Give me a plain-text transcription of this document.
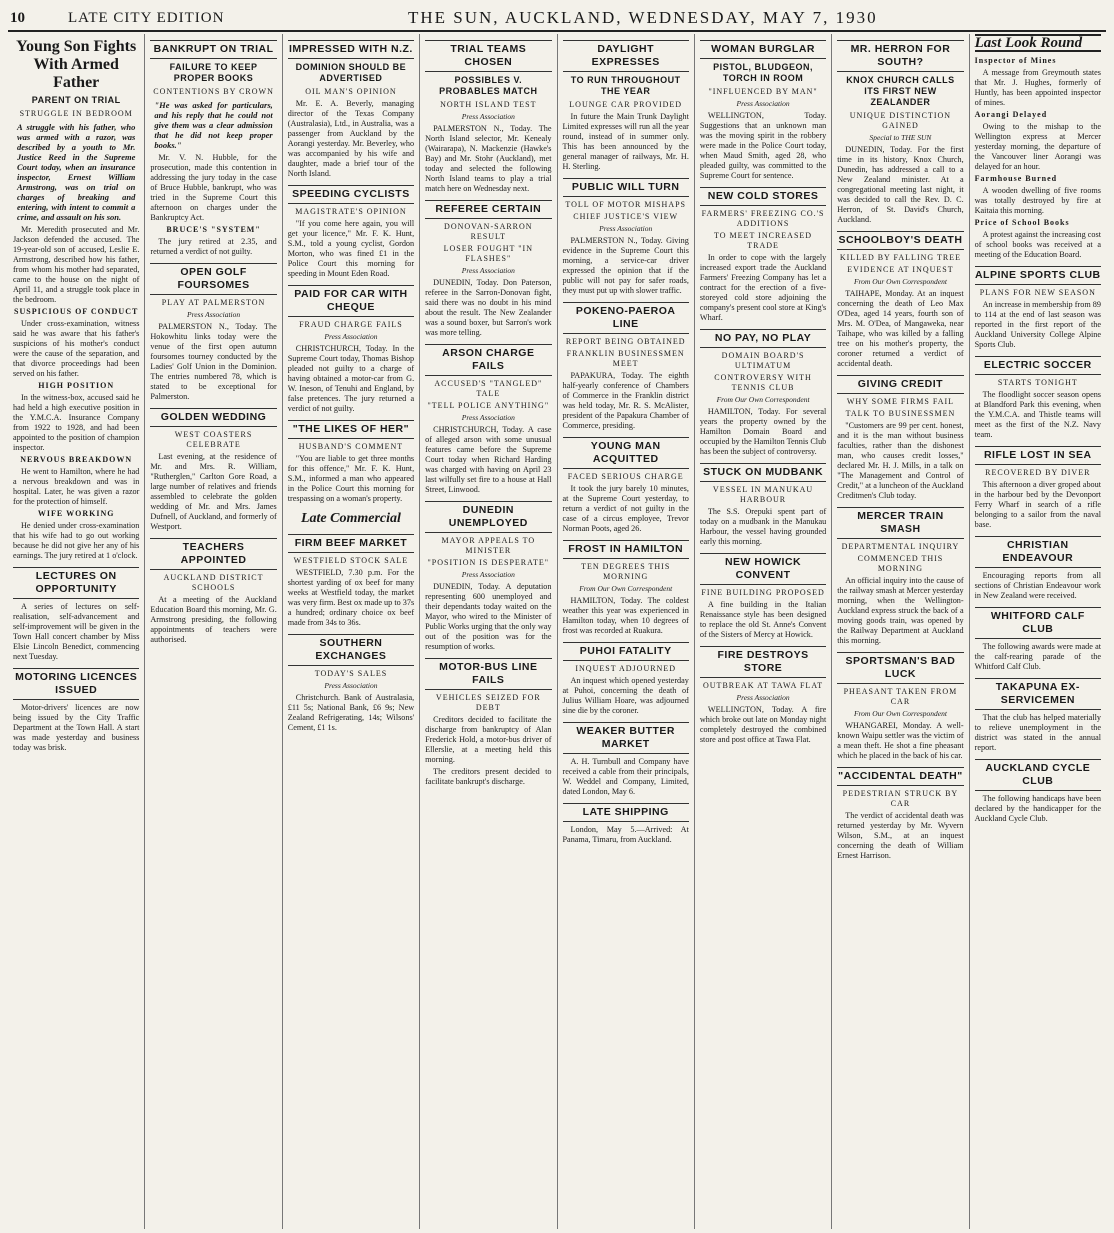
10	LATE CITY EDITION	THE SUN, AUCKLAND, WEDNESDAY, MAY 7, 1930
Young Son Fights With Armed Father
PARENT ON TRIAL
STRUGGLE IN BEDROOM
A struggle with his father, who was armed with a razor, was described by a youth to Mr. Justice Reed in the Supreme Court today, when an insurance inspector, Ernest William Armstrong, was on trial on charges of breaking and entering, with intent to commit a crime, and assault on his son.

Mr. Meredith prosecuted and Mr. Jackson defended the accused. The 19-year-old son of accused, Leslie E. Armstrong, described how his father, from whom his mother had separated, came to the house on the night of April 11, and a struggle took place in the bedroom.

SUSPICIOUS OF CONDUCT

Under cross-examination, witness said he was aware that his father's suspicions of his mother's conduct were the cause of the separation, and that divorce proceedings had been served on his father.

HIGH POSITION

In the witness-box, accused said he had held a high executive position in the Y.M.C.A. Insurance Company from 1922 to 1928, and had been appointed to the position of champion inspector.

NERVOUS BREAKDOWN

He went to Hamilton, where he had a nervous breakdown and was in hospital. Later, he was given a razor for the protection of himself.

WIFE WORKING

He denied under cross-examination that his wife had to go out working because he did not give her any of his earnings. The jury retired at 1 o'clock.

LECTURES ON OPPORTUNITY

A series of lectures on self-realisation, self-advancement and self-improvement will be given in the Town Hall concert chamber by Miss Elsie Lincoln Benedict, commencing next Tuesday.

MOTORING LICENCES ISSUED

Motor-drivers' licences are now being issued by the City Traffic Department at the Town Hall. A start was made yesterday and business today was brisk.

BANKRUPT ON TRIAL
FAILURE TO KEEP PROPER BOOKS
CONTENTIONS BY CROWN
"He was asked for particulars, and his reply that he could not give them was a clear admission that he did not keep proper books."

Mr. V. N. Hubble, for the prosecution, made this contention in addressing the jury today in the case of Bruce Hubble, bankrupt, who was tried in the Supreme Court this afternoon on charges under the Bankruptcy Act.

BRUCE'S "SYSTEM"

The jury retired at 2.35, and returned a verdict of not guilty.

OPEN GOLF FOURSOMES
PLAY AT PALMERSTON
Press Association

PALMERSTON N., Today. The Hokowhitu links today were the venue of the first open autumn foursomes tourney conducted by the Ladies' Golf Union in the Dominion. The entries numbered 78, which is stated to be exceptional for Palmerston.

GOLDEN WEDDING
WEST COASTERS CELEBRATE

Last evening, at the residence of Mr. and Mrs. R. William, "Rutherglen," Carlton Gore Road, a large number of relatives and friends assembled to celebrate the golden wedding of Mr. and Mrs. James Dufnell, of Auckland, and formerly of Westport.

TEACHERS APPOINTED
AUCKLAND DISTRICT SCHOOLS

At a meeting of the Auckland Education Board this morning, Mr. G. Armstrong presiding, the following appointments of teachers were authorised.

IMPRESSED WITH N.Z.
DOMINION SHOULD BE ADVERTISED
OIL MAN'S OPINION

Mr. E. A. Beverly, managing director of the Texas Company (Australasia), Ltd., in Australia, was a passenger from Auckland by the Aorangi yesterday. Mr. Beverley, who was accompanied by his wife and daughter, made a brief tour of the North Island.

SPEEDING CYCLISTS
MAGISTRATE'S OPINION

"If you come here again, you will get your licence," Mr. F. K. Hunt, S.M., told a young cyclist, Gordon Morton, who was fined £1 in the Police Court this morning for speeding in Mount Eden Road.

PAID FOR CAR WITH CHEQUE
FRAUD CHARGE FAILS
Press Association

CHRISTCHURCH, Today. In the Supreme Court today, Thomas Bishop pleaded not guilty to a charge of having obtained a motor-car from G. W. Ineson, of Tenuhi and England, by false pretences. The jury returned a verdict of not guilty.

"THE LIKES OF HER"
HUSBAND'S COMMENT

"You are liable to get three months for this offence," Mr. F. K. Hunt, S.M., informed a man who appeared in the Police Court this morning for trespassing on a woman's property.

Late Commercial
FIRM BEEF MARKET
WESTFIELD STOCK SALE

WESTFIELD, 7.30 p.m. For the shortest yarding of ox beef for many weeks at Westfield today, the market was very firm. Best ox made up to 37s a hundred; ordinary choice ox beef made from 34s to 36s.

SOUTHERN EXCHANGES
TODAY'S SALES
Press Association

Christchurch. Bank of Australasia, £11 5s; National Bank, £6 9s; New Zealand Refrigerating, 14s; Wilsons' Cement, £1 1s.

TRIAL TEAMS CHOSEN
POSSIBLES V. PROBABLES MATCH
NORTH ISLAND TEST
Press Association

PALMERSTON N., Today. The North Island selector, Mr. Kenealy (Wairarapa), N. Mackenzie (Hawke's Bay) and Mr. Stohr (Auckland), met today and selected the following North Island teams to play a trial match here on Wednesday next.

REFEREE CERTAIN
DONOVAN-SARRON RESULT
LOSER FOUGHT "IN FLASHES"
Press Association

DUNEDIN, Today. Don Paterson, referee in the Sarron-Donovan fight, said there was no doubt in his mind about the result. The New Zealander was a sound boxer, but Sarron's work was more telling.

ARSON CHARGE FAILS
ACCUSED'S "TANGLED" TALE
"TELL POLICE ANYTHING"
Press Association

CHRISTCHURCH, Today. A case of alleged arson with some unusual features came before the Supreme Court today when Richard Harding was charged with having on April 23 last wilfully set fire to a house at Hall Street, Linwood.

DUNEDIN UNEMPLOYED
MAYOR APPEALS TO MINISTER
"POSITION IS DESPERATE"
Press Association

DUNEDIN, Today. A deputation representing 600 unemployed and their dependants today waited on the Mayor, who wired to the Minister of Public Works urging that the only way out of the position was for the resumption of works.

MOTOR-BUS LINE FAILS
VEHICLES SEIZED FOR DEBT

Creditors decided to facilitate the discharge from bankruptcy of Alan Frederick Hold, a motor-bus driver of Ellerslie, at a meeting held this morning.

The creditors present decided to facilitate bankrupt's discharge.

DAYLIGHT EXPRESSES
TO RUN THROUGHOUT THE YEAR
LOUNGE CAR PROVIDED

In future the Main Trunk Daylight Limited expresses will run all the year round, instead of in summer only. This has been announced by the general manager of railways, Mr. H. H. Sterling.

PUBLIC WILL TURN
TOLL OF MOTOR MISHAPS
CHIEF JUSTICE'S VIEW
Press Association

PALMERSTON N., Today. Giving evidence in the Supreme Court this morning, a service-car driver expressed the opinion that if the public will not pay for safer roads, they must put up with slower traffic.

POKENO-PAEROA LINE
REPORT BEING OBTAINED
FRANKLIN BUSINESSMEN MEET

PAPAKURA, Today. The eighth half-yearly conference of Chambers of Commerce in the Franklin district was held today, Mr. R. S. McAlister, president of the Papakura Chamber of Commerce, presiding.

YOUNG MAN ACQUITTED
FACED SERIOUS CHARGE

It took the jury barely 10 minutes, at the Supreme Court yesterday, to return a verdict of not guilty in the case of a circus employee, Trevor Norman Poots, aged 26.

FROST IN HAMILTON
TEN DEGREES THIS MORNING
From Our Own Correspondent

HAMILTON, Today. The coldest weather this year was experienced in Hamilton today, when 10 degrees of frost was recorded at Ruakura.

PUHOI FATALITY
INQUEST ADJOURNED

An inquest which opened yesterday at Puhoi, concerning the death of Julius William Hoare, was adjourned sine die by the coroner.

WEAKER BUTTER MARKET

A. H. Turnbull and Company have received a cable from their principals, W. Weddel and Company, Limited, dated London, May 6.

LATE SHIPPING

London, May 5.—Arrived: At Panama, Timaru, from Auckland.

WOMAN BURGLAR
PISTOL, BLUDGEON, TORCH IN ROOM
"INFLUENCED BY MAN"
Press Association

WELLINGTON, Today. Suggestions that an unknown man was the moving spirit in the robbery were made in the Police Court today, when Maud Smith, aged 28, who pleaded guilty, was committed to the Supreme Court for sentence.

NEW COLD STORES
FARMERS' FREEZING CO.'S ADDITIONS
TO MEET INCREASED TRADE

In order to cope with the largely increased export trade the Auckland Farmers' Freezing Company has let a contract for the erection of a five-storeyed cold store adjoining the company's present cool store at King's Wharf.

NO PAY, NO PLAY
DOMAIN BOARD'S ULTIMATUM
CONTROVERSY WITH TENNIS CLUB
From Our Own Correspondent

HAMILTON, Today. For several years the property owned by the Hamilton Domain Board and occupied by the Hamilton Tennis Club has been the subject of controversy.

STUCK ON MUDBANK
VESSEL IN MANUKAU HARBOUR

The S.S. Orepuki spent part of today on a mudbank in the Manukau Harbour, the vessel having grounded early this morning.

NEW HOWICK CONVENT
FINE BUILDING PROPOSED

A fine building in the Italian Renaissance style has been designed to replace the old St. Anne's Convent of the Sisters of Mercy at Howick.

FIRE DESTROYS STORE
OUTBREAK AT TAWA FLAT
Press Association

WELLINGTON, Today. A fire which broke out late on Monday night completely destroyed the combined store and post office at Tawa Flat.

MR. HERRON FOR SOUTH?
KNOX CHURCH CALLS ITS FIRST NEW ZEALANDER
UNIQUE DISTINCTION GAINED
Special to THE SUN

DUNEDIN, Today. For the first time in its history, Knox Church, Dunedin, has addressed a call to a New Zealand minister. At a congregational meeting last night, it was decided to call the Rev. D. C. Herron, of St. David's Church, Auckland.

SCHOOLBOY'S DEATH
KILLED BY FALLING TREE
EVIDENCE AT INQUEST
From Our Own Correspondent

TAIHAPE, Monday. At an inquest concerning the death of Leo Max O'Dea, aged 14 years, fourth son of Mrs. M. O'Dea, of Mangaweka, near Taihape, who was killed by a falling tree on his mother's property, the coroner returned a verdict of accidental death.

GIVING CREDIT
WHY SOME FIRMS FAIL
TALK TO BUSINESSMEN

"Customers are 99 per cent. honest, and it is the man without business faculties, rather than the dishonest man, who causes credit losses," declared Mr. H. J. Mills, in a talk on "The Management and Control of Credit," at a luncheon of the Auckland Creditmen's Club today.

MERCER TRAIN SMASH
DEPARTMENTAL INQUIRY
COMMENCED THIS MORNING

An official inquiry into the cause of the railway smash at Mercer yesterday morning, when the Wellington-Auckland express struck the back of a moving goods train, was opened by the Railway Department at Auckland this morning.

SPORTSMAN'S BAD LUCK
PHEASANT TAKEN FROM CAR
From Our Own Correspondent

WHANGAREI, Monday. A well-known Waipu settler was the victim of a mean theft. He shot a fine pheasant which he placed in the back of his car.

"ACCIDENTAL DEATH"
PEDESTRIAN STRUCK BY CAR

The verdict of accidental death was returned yesterday by Mr. Wyvern Wilson, S.M., at an inquest concerning the death of William Ernest Harrison.

Last Look Round
Inspector of Mines

A message from Greymouth states that Mr. J. Hughes, formerly of Huntly, has been appointed inspector of mines.

Aorangi Delayed

Owing to the mishap to the Wellington express at Mercer yesterday morning, the departure of the Vancouver liner Aorangi was delayed for an hour.

Farmhouse Burned

A wooden dwelling of five rooms was totally destroyed by fire at Kaitaia this morning.

Price of School Books

A protest against the increasing cost of school books was received at a meeting of the Education Board.

ALPINE SPORTS CLUB
PLANS FOR NEW SEASON

An increase in membership from 89 to 114 at the end of last season was reported in the first report of the Auckland University College Alpine Sports Club.

ELECTRIC SOCCER
STARTS TONIGHT

The floodlight soccer season opens at Blandford Park this evening, when the Y.M.C.A. and Thistle teams will meet as the first of the N.Z. Navy team.

RIFLE LOST IN SEA
RECOVERED BY DIVER

This afternoon a diver groped about in the harbour bed by the Devonport Ferry Wharf in search of a rifle belonging to a sailor from the naval base.

CHRISTIAN ENDEAVOUR

Encouraging reports from all sections of Christian Endeavour work in New Zealand were received.

WHITFORD CALF CLUB

The following awards were made at the calf-rearing parade of the Whitford Calf Club.

TAKAPUNA EX-SERVICEMEN

That the club has helped materially to relieve unemployment in the district was stated in the annual report.

AUCKLAND CYCLE CLUB

The following handicaps have been declared by the handicapper for the Auckland Cycle Club.
